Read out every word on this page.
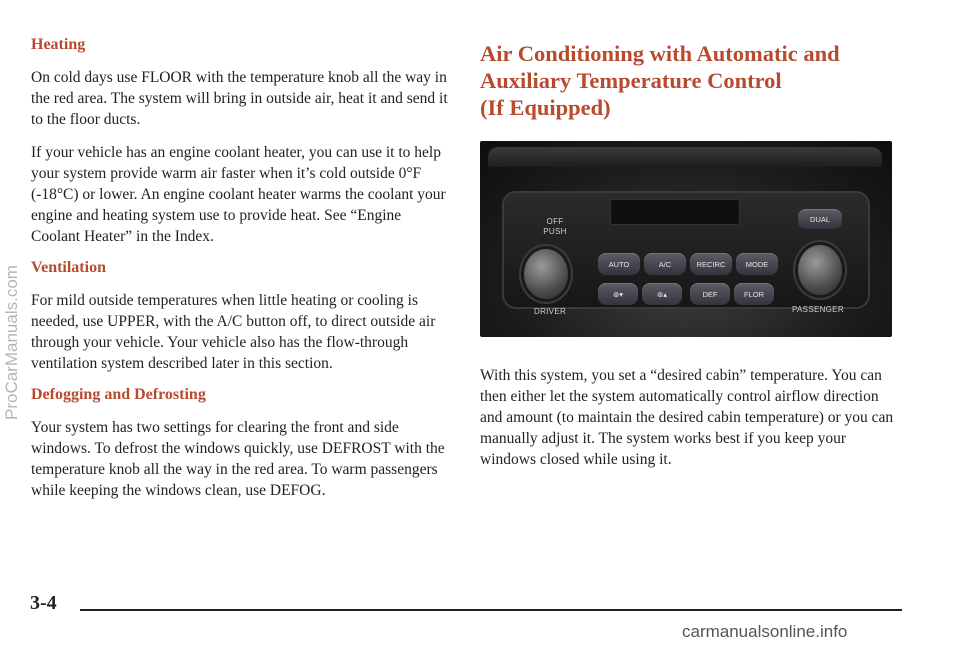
Heating

On cold days use FLOOR with the temperature knob all the way in the red area. The system will bring in outside air, heat it and send it to the floor ducts.

If your vehicle has an engine coolant heater, you can use it to help your system provide warm air faster when it’s cold outside 0°F (-18°C) or lower. An engine coolant heater warms the coolant your engine and heating system use to provide heat. See “Engine Coolant Heater” in the Index.

Ventilation

For mild outside temperatures when little heating or cooling is needed, use UPPER, with the A/C button off, to direct outside air through your vehicle. Your vehicle also has the flow-through ventilation system described later in this section.

Defogging and Defrosting

Your system has two settings for clearing the front and side windows. To defrost the windows quickly, use DEFROST with the temperature knob all the way in the red area. To warm passengers while keeping the windows clean, use DEFOG.

Air Conditioning with Automatic and
Auxiliary Temperature Control
(If Equipped)
OFF PUSH
DUAL
AUTO	A/C	RECIRC	MODE
⊛▾	⊛▴	DEF	FLOR
DRIVER	PASSENGER

With this system, you set a “desired cabin” temperature. You can then either let the system automatically control airflow direction and amount (to maintain the desired cabin temperature) or you can manually adjust it. The system works best if you keep your windows closed while using it.

ProCarManuals.com
3-4
carmanualsonline.info
